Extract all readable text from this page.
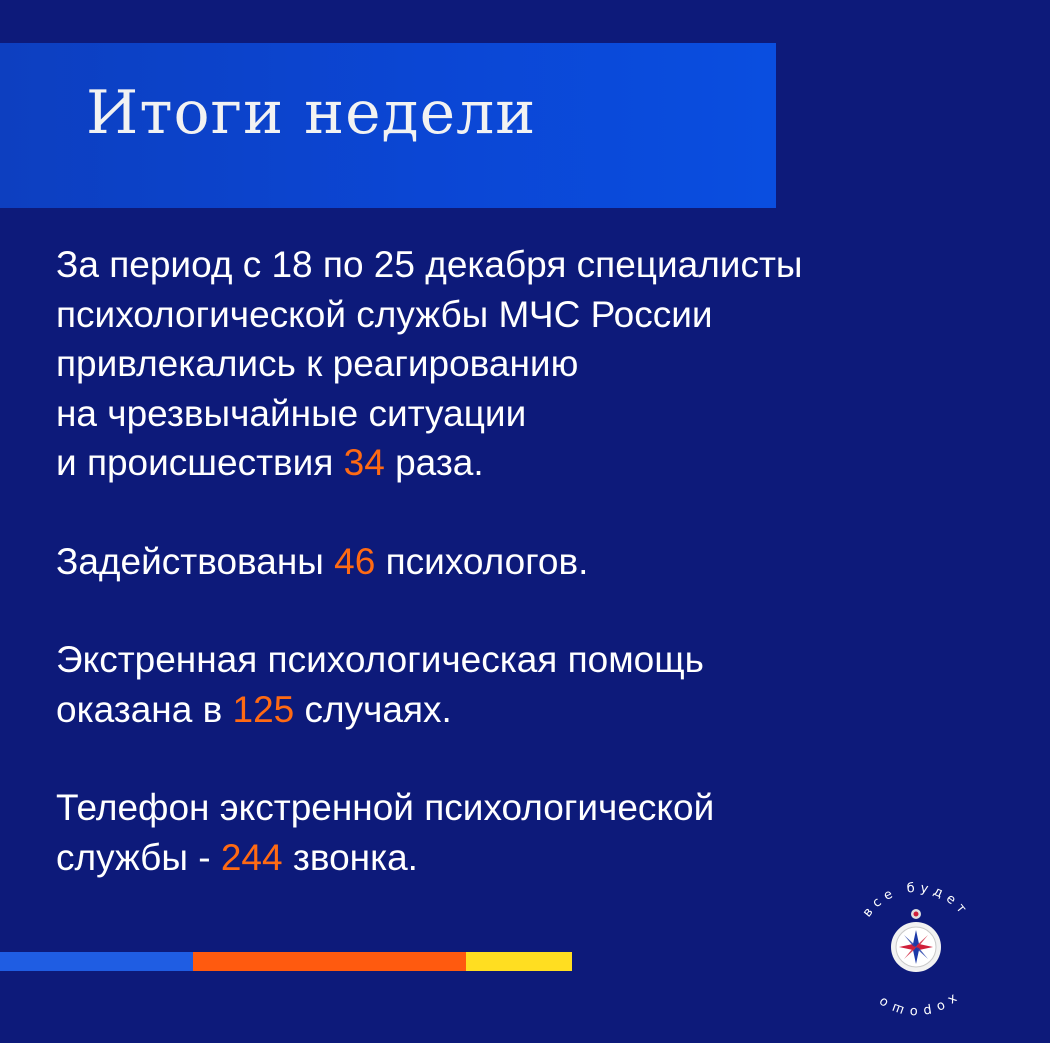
Итоги недели

За период с 18 по 25 декабря специалисты
психологической службы МЧС России
привлекались к реагированию
на чрезвычайные ситуации
и происшествия 34 раза.

Задействованы 46 психологов.

Экстренная психологическая помощь
оказана в 125 случаях.

Телефон экстренной психологической
службы - 244 звонка.

все будет
хорошо
